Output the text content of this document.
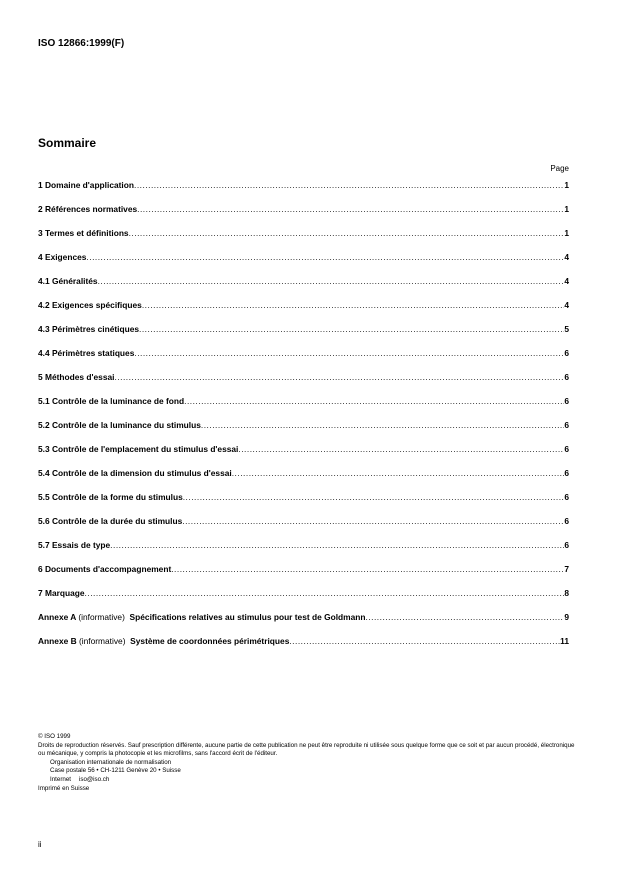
ISO 12866:1999(F)
Sommaire
Page
1 Domaine d'application .....	1
2 Références normatives .....	1
3 Termes et définitions .....	1
4 Exigences .....	4
4.1 Généralités .....	4
4.2 Exigences spécifiques .....	4
4.3 Périmètres cinétiques .....	5
4.4 Périmètres statiques .....	6
5 Méthodes d'essai .....	6
5.1 Contrôle de la luminance de fond .....	6
5.2 Contrôle de la luminance du stimulus .....	6
5.3 Contrôle de l'emplacement du stimulus d'essai .....	6
5.4 Contrôle de la dimension du stimulus d'essai .....	6
5.5 Contrôle de la forme du stimulus .....	6
5.6 Contrôle de la durée du stimulus .....	6
5.7 Essais de type .....	6
6 Documents d'accompagnement .....	7
7 Marquage .....	8
Annexe A (informative) Spécifications relatives au stimulus pour test de Goldmann .....	9
Annexe B (informative) Système de coordonnées périmétriques .....	11
© ISO 1999
Droits de reproduction réservés. Sauf prescription différente, aucune partie de cette publication ne peut être reproduite ni utilisée sous quelque forme que ce soit et par aucun procédé, électronique ou mécanique, y compris la photocopie et les microfilms, sans l'accord écrit de l'éditeur.
Organisation internationale de normalisation
Case postale 56 • CH-1211 Genève 20 • Suisse
Internet iso@iso.ch
Imprimé en Suisse
ii
